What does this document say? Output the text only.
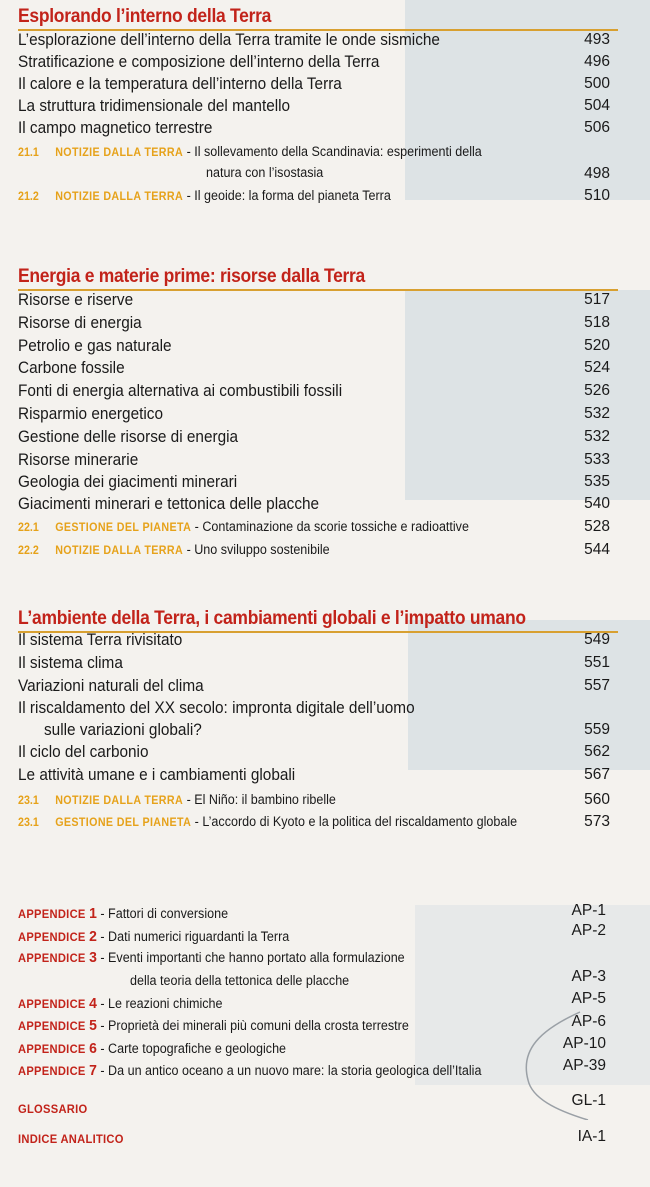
Esplorando l’interno della Terra
L’esplorazione dell’interno della Terra tramite le onde sismiche	493
Stratificazione e composizione dell’interno della Terra	496
Il calore e la temperatura dell’interno della Terra	500
La struttura tridimensionale del mantello	504
Il campo magnetico terrestre	506
21.1 NOTIZIE DALLA TERRA - Il sollevamento della Scandinavia: esperimenti della
natura con l’isostasia	498
21.2 NOTIZIE DALLA TERRA - Il geoide: la forma del pianeta Terra	510
Energia e materie prime: risorse dalla Terra
Risorse e riserve	517
Risorse di energia	518
Petrolio e gas naturale	520
Carbone fossile	524
Fonti di energia alternativa ai combustibili fossili	526
Risparmio energetico	532
Gestione delle risorse di energia	532
Risorse minerarie	533
Geologia dei giacimenti minerari	535
Giacimenti minerari e tettonica delle placche	540
22.1 GESTIONE DEL PIANETA - Contaminazione da scorie tossiche e radioattive	528
22.2 NOTIZIE DALLA TERRA - Uno sviluppo sostenibile	544
L’ambiente della Terra, i cambiamenti globali e l’impatto umano
Il sistema Terra rivisitato	549
Il sistema clima	551
Variazioni naturali del clima	557
Il riscaldamento del XX secolo: impronta digitale dell’uomo
sulle variazioni globali?	559
Il ciclo del carbonio	562
Le attività umane e i cambiamenti globali	567
23.1 NOTIZIE DALLA TERRA - El Niño: il bambino ribelle	560
23.1 GESTIONE DEL PIANETA - L’accordo di Kyoto e la politica del riscaldamento globale	573
APPENDICE 1 - Fattori di conversione	AP-1
APPENDICE 2 - Dati numerici riguardanti la Terra	AP-2
APPENDICE 3 - Eventi importanti che hanno portato alla formulazione
della teoria della tettonica delle placche	AP-3
APPENDICE 4 - Le reazioni chimiche	AP-5
APPENDICE 5 - Proprietà dei minerali più comuni della crosta terrestre	AP-6
APPENDICE 6 - Carte topografiche e geologiche	AP-10
APPENDICE 7 - Da un antico oceano a un nuovo mare: la storia geologica dell’Italia	AP-39
GLOSSARIO	GL-1
INDICE ANALITICO	IA-1
